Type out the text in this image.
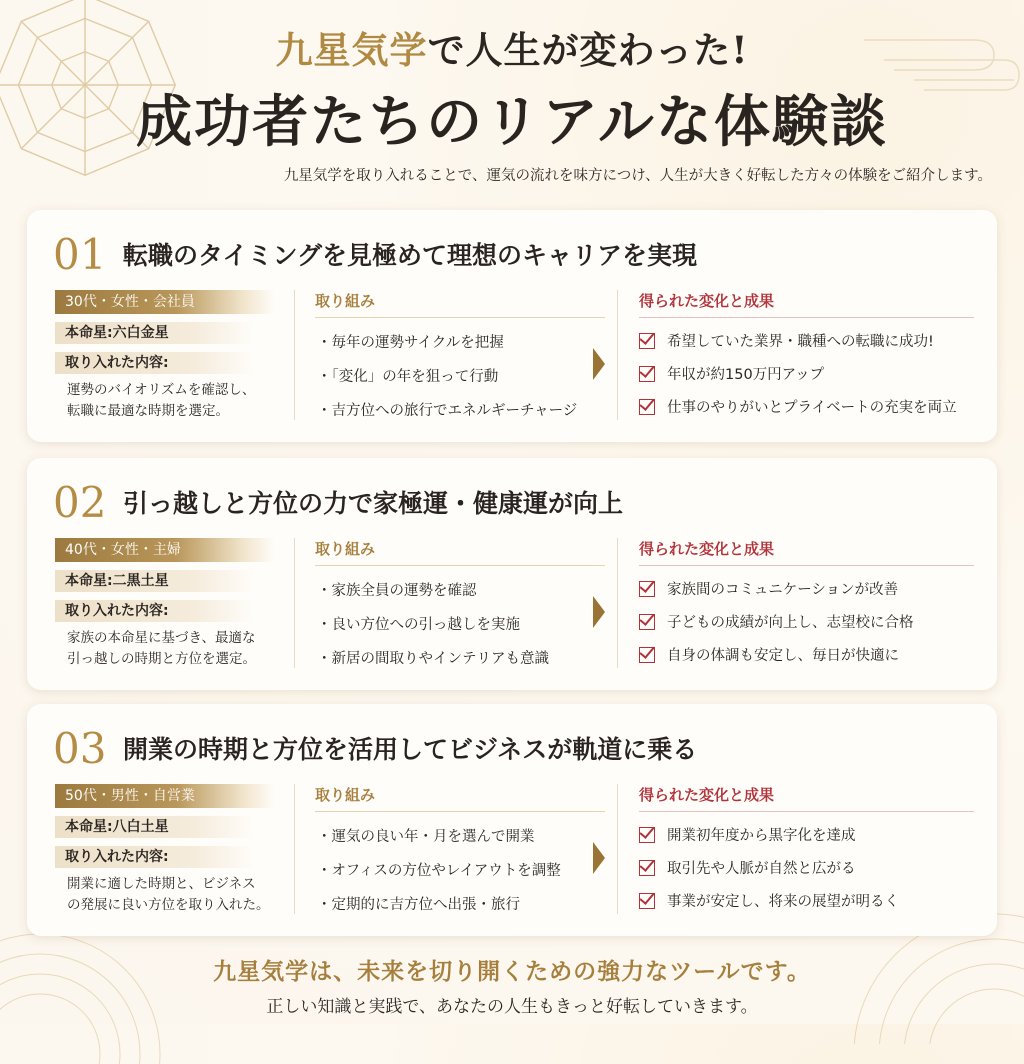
九星気学で人生が変わった!
成功者たちのリアルな体験談
九星気学を取り入れることで、運気の流れを味方につけ、人生が大きく好転した方々の体験をご紹介します。
01 転職のタイミングを見極めて理想のキャリアを実現
30代・女性・会社員
本命星:六白金星
取り入れた内容:
運勢のバイオリズムを確認し、
転職に最適な時期を選定。
取り組み
・ 毎年の運勢サイクルを把握
・ 「変化」の年を狙って行動
・ 吉方位への旅行でエネルギーチャージ
得られた変化と成果
希望していた業界・職種への転職に成功!
年収が約150万円アップ
仕事のやりがいとプライベートの充実を両立
02 引っ越しと方位の力で家極運・健康運が向上
40代・女性・主婦
本命星:二黒土星
取り入れた内容:
家族の本命星に基づき、最適な
引っ越しの時期と方位を選定。
取り組み
・ 家族全員の運勢を確認
・ 良い方位への引っ越しを実施
・ 新居の間取りやインテリアも意識
得られた変化と成果
家族間のコミュニケーションが改善
子どもの成績が向上し、志望校に合格
自身の体調も安定し、毎日が快適に
03 開業の時期と方位を活用してビジネスが軌道に乗る
50代・男性・自営業
本命星:八白土星
取り入れた内容:
開業に適した時期と、ビジネス
の発展に良い方位を取り入れた。
取り組み
・ 運気の良い年・月を選んで開業
・ オフィスの方位やレイアウトを調整
・ 定期的に吉方位へ出張・旅行
得られた変化と成果
開業初年度から黒字化を達成
取引先や人脈が自然と広がる
事業が安定し、将来の展望が明るく
九星気学は、未来を切り開くための強力なツールです。
正しい知識と実践で、あなたの人生もきっと好転していきます。
